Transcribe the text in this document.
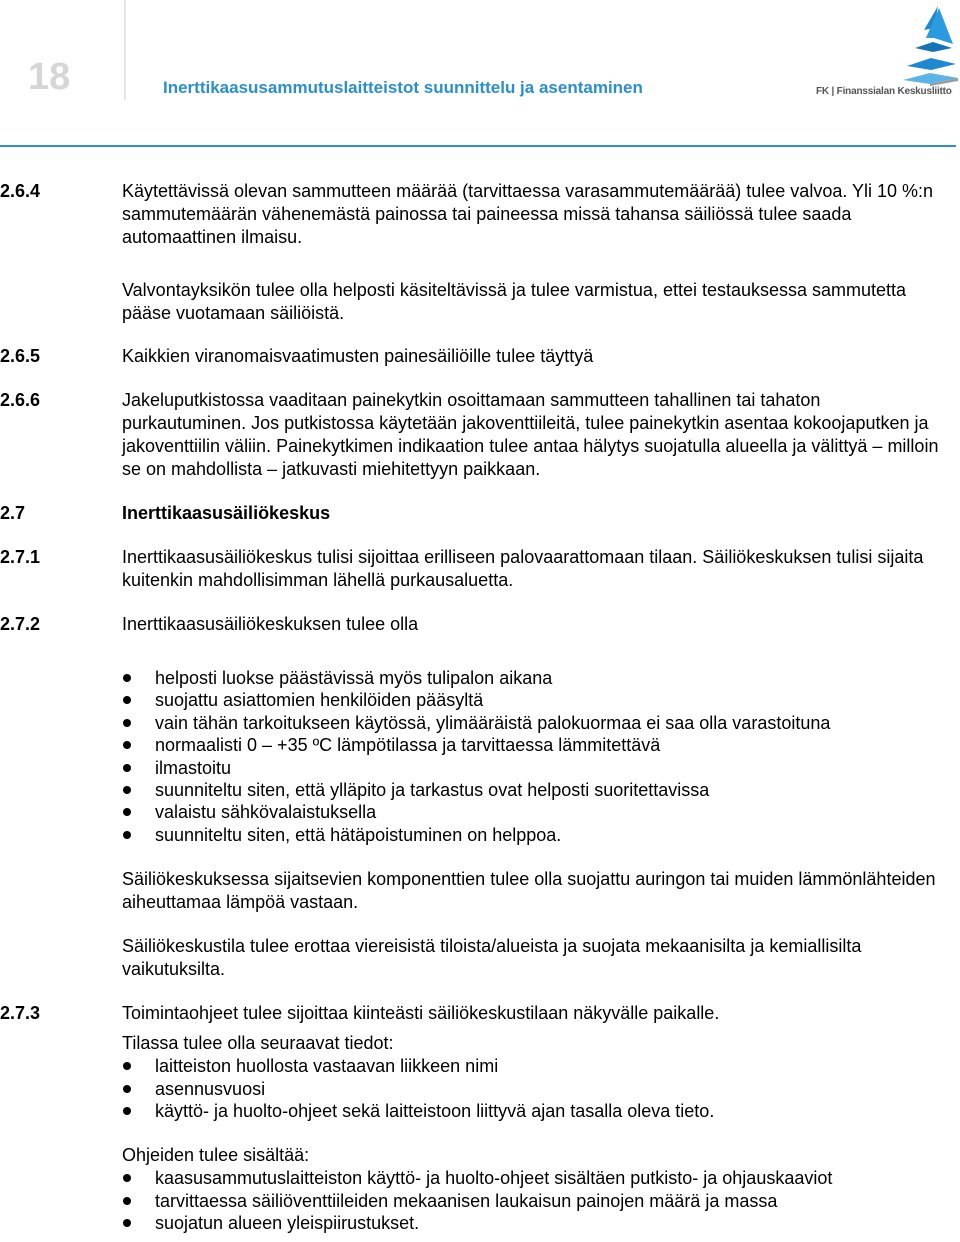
18	Inerttikaasusammutuslaitteistot suunnittelu ja asentaminen	FK | Finanssialan Keskusliitto
2.6.4	Käytettävissä olevan sammutteen määrää (tarvittaessa varasammutemäärää) tulee valvoa. Yli 10 %:n sammutemäärän vähenemästä painossa tai paineessa missä tahansa säiliössä tulee saada automaattinen ilmaisu.

Valvontayksikön tulee olla helposti käsiteltävissä ja tulee varmistua, ettei testauksessa sammutetta pääse vuotamaan säiliöistä.

2.6.5	Kaikkien viranomaisvaatimusten painesäiliöille tulee täyttyä

2.6.6	Jakeluputkistossa vaaditaan painekytkin osoittamaan sammutteen tahallinen tai tahaton purkautuminen. Jos putkistossa käytetään jakoventtiileitä, tulee painekytkin asentaa kokoojaputken ja jakoventtiilin väliin. Painekytkimen indikaation tulee antaa hälytys suojatulla alueella ja välittyä – milloin se on mahdollista – jatkuvasti miehitettyyn paikkaan.

2.7	Inerttikaasusäiliökeskus

2.7.1	Inerttikaasusäiliökeskus tulisi sijoittaa erilliseen palovaarattomaan tilaan. Säiliökeskuksen tulisi sijaita kuitenkin mahdollisimman lähellä purkausaluetta.

2.7.2	Inerttikaasusäiliökeskuksen tulee olla

helposti luokse päästävissä myös tulipalon aikana
suojattu asiattomien henkilöiden pääsyltä
vain tähän tarkoitukseen käytössä, ylimääräistä palokuormaa ei saa olla varastoituna
normaalisti 0 – +35 ºC lämpötilassa ja tarvittaessa lämmitettävä
ilmastoitu
suunniteltu siten, että ylläpito ja tarkastus ovat helposti suoritettavissa
valaistu sähkövalaistuksella
suunniteltu siten, että hätäpoistuminen on helppoa.

Säiliökeskuksessa sijaitsevien komponenttien tulee olla suojattu auringon tai muiden lämmönlähteiden aiheuttamaa lämpöä vastaan.

Säiliökeskustila tulee erottaa viereisistä tiloista/alueista ja suojata mekaanisilta ja kemiallisilta vaikutuksilta.

2.7.3	Toimintaohjeet tulee sijoittaa kiinteästi säiliökeskustilaan näkyvälle paikalle.

Tilassa tulee olla seuraavat tiedot:

laitteiston huollosta vastaavan liikkeen nimi
asennusvuosi
käyttö- ja huolto-ohjeet sekä laitteistoon liittyvä ajan tasalla oleva tieto.

Ohjeiden tulee sisältää:

kaasusammutuslaitteiston käyttö- ja huolto-ohjeet sisältäen putkisto- ja ohjauskaaviot
tarvittaessa säiliöventtiileiden mekaanisen laukaisun painojen määrä ja massa
suojatun alueen yleispiirustukset.
